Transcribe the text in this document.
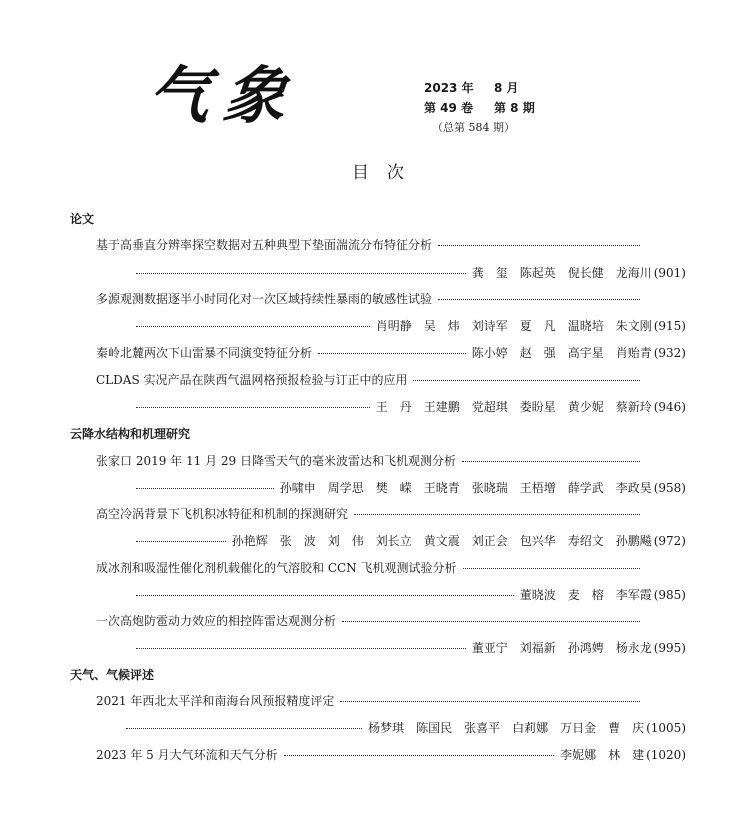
气象	2023 年 8 月
第 49 卷 第 8 期
（总第 584 期）
目次
论文
基于高垂直分辨率探空数据对五种典型下垫面湍流分布特征分析
龚　玺　陈起英　倪长健　龙海川 (901)
多源观测数据逐半小时同化对一次区域持续性暴雨的敏感性试验
肖明静　吴　炜　刘诗军　夏　凡　温晓培　朱文刚 (915)
秦岭北麓两次下山雷暴不同演变特征分析	陈小婷　赵　强　高宇星　肖贻青 (932)
CLDAS 实况产品在陕西气温网格预报检验与订正中的应用
王　丹　王建鹏　党超琪　娄盼星　黄少妮　蔡新玲 (946)
云降水结构和机理研究
张家口 2019 年 11 月 29 日降雪天气的毫米波雷达和飞机观测分析
孙啸申　周学思　樊　嵘　王晓青　张晓瑞　王梧增　薛学武　李政昊 (958)
高空冷涡背景下飞机积冰特征和机制的探测研究
孙艳辉　张　波　刘　伟　刘长立　黄文震　刘正会　包兴华　寿绍文　孙鹏飚 (972)
成冰剂和吸湿性催化剂机载催化的气溶胶和 CCN 飞机观测试验分析
董晓波　麦　榕　李军霞 (985)
一次高炮防雹动力效应的相控阵雷达观测分析
董亚宁　刘福新　孙鸿娉　杨永龙 (995)
天气、气候评述
2021 年西北太平洋和南海台风预报精度评定
杨梦琪　陈国民　张喜平　白莉娜　万日金　曹　庆 (1005)
2023 年 5 月大气环流和天气分析	李妮娜　林　建 (1020)
